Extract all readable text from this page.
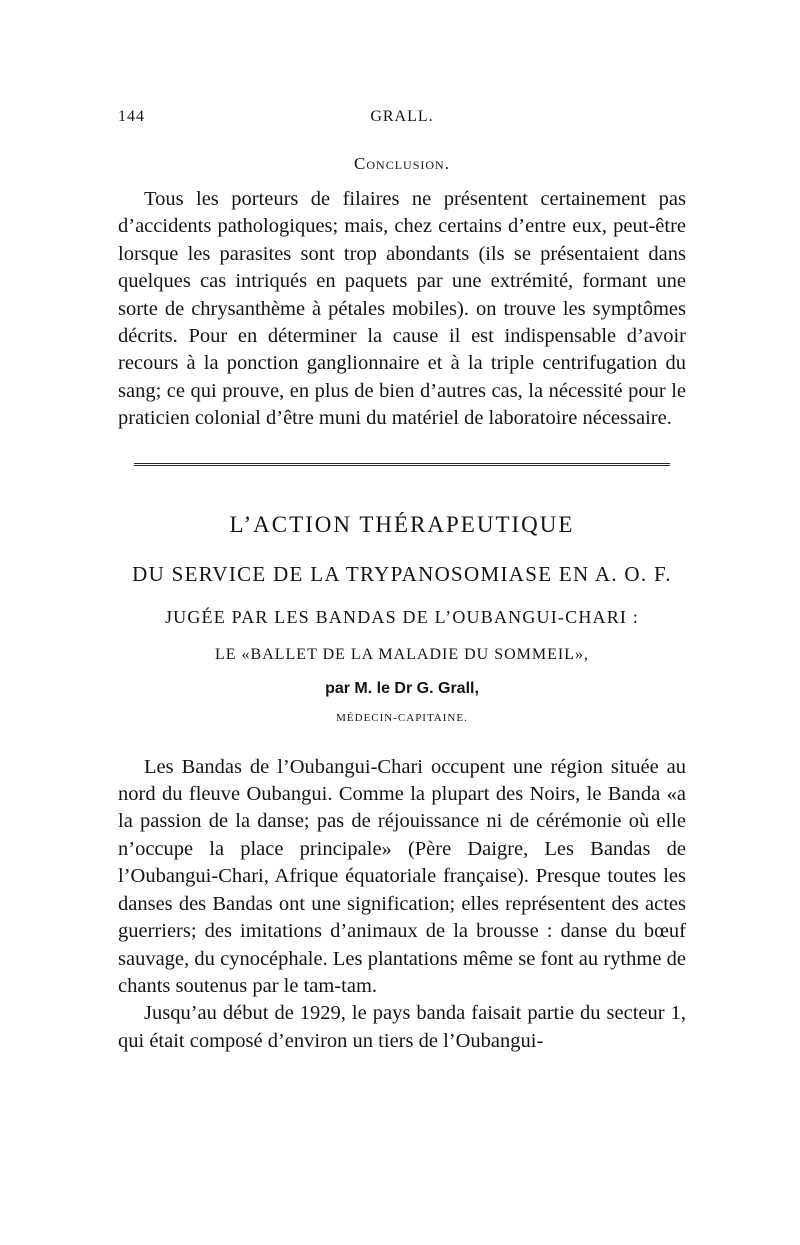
144	GRALL.
Conclusion.

Tous les porteurs de filaires ne présentent certainement pas d’accidents pathologiques; mais, chez certains d’entre eux, peut-être lorsque les parasites sont trop abondants (ils se présentaient dans quelques cas intriqués en paquets par une extrémité, formant une sorte de chrysanthème à pétales mobiles). on trouve les symptômes décrits. Pour en déterminer la cause il est indispensable d’avoir recours à la ponction ganglionnaire et à la triple centrifugation du sang; ce qui prouve, en plus de bien d’autres cas, la nécessité pour le praticien colonial d’être muni du matériel de laboratoire nécessaire.

L’ACTION THÉRAPEUTIQUE

DU SERVICE DE LA TRYPANOSOMIASE EN A. O. F.

JUGÉE PAR LES BANDAS DE L’OUBANGUI-CHARI :

LE «BALLET DE LA MALADIE DU SOMMEIL»,

par M. le Dr G. Grall,

MÉDECIN-CAPITAINE.

Les Bandas de l’Oubangui-Chari occupent une région située au nord du fleuve Oubangui. Comme la plupart des Noirs, le Banda «a la passion de la danse; pas de réjouissance ni de cérémonie où elle n’occupe la place principale» (Père Daigre, Les Bandas de l’Oubangui-Chari, Afrique équatoriale française). Presque toutes les danses des Bandas ont une signification; elles représentent des actes guerriers; des imitations d’animaux de la brousse : danse du bœuf sauvage, du cynocéphale. Les plantations même se font au rythme de chants soutenus par le tam-tam.

Jusqu’au début de 1929, le pays banda faisait partie du secteur 1, qui était composé d’environ un tiers de l’Oubangui-
